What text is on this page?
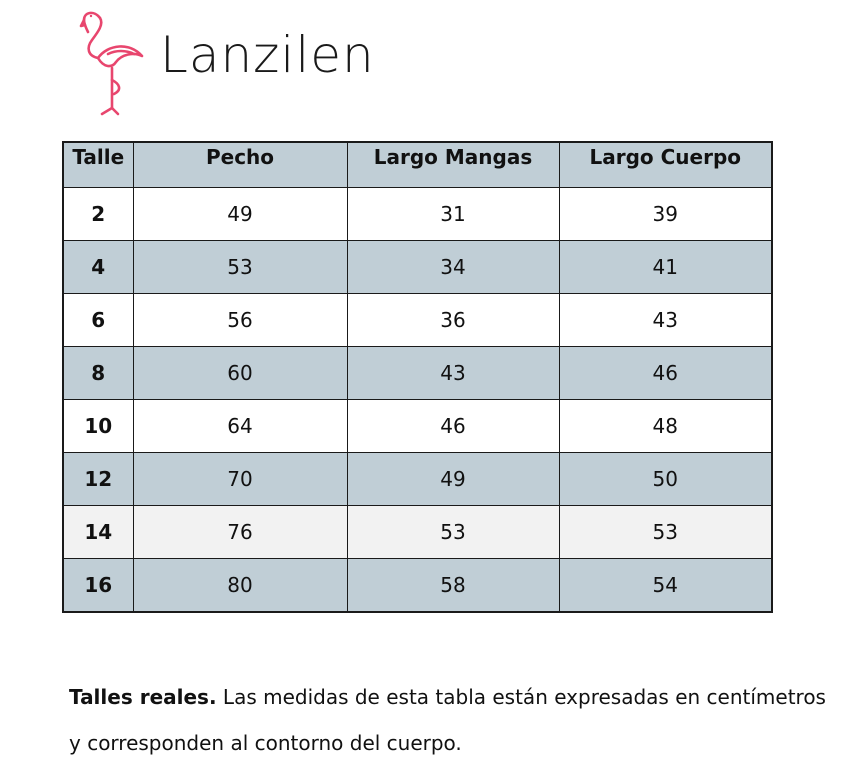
Lanzilen
Talle	Pecho	Largo Mangas	Largo Cuerpo
2	49	31	39
4	53	34	41
6	56	36	43
8	60	43	46
10	64	46	48
12	70	49	50
14	76	53	53
16	80	58	54

Talles reales. Las medidas de esta tabla están expresadas en centímetros y corresponden al contorno del cuerpo.
